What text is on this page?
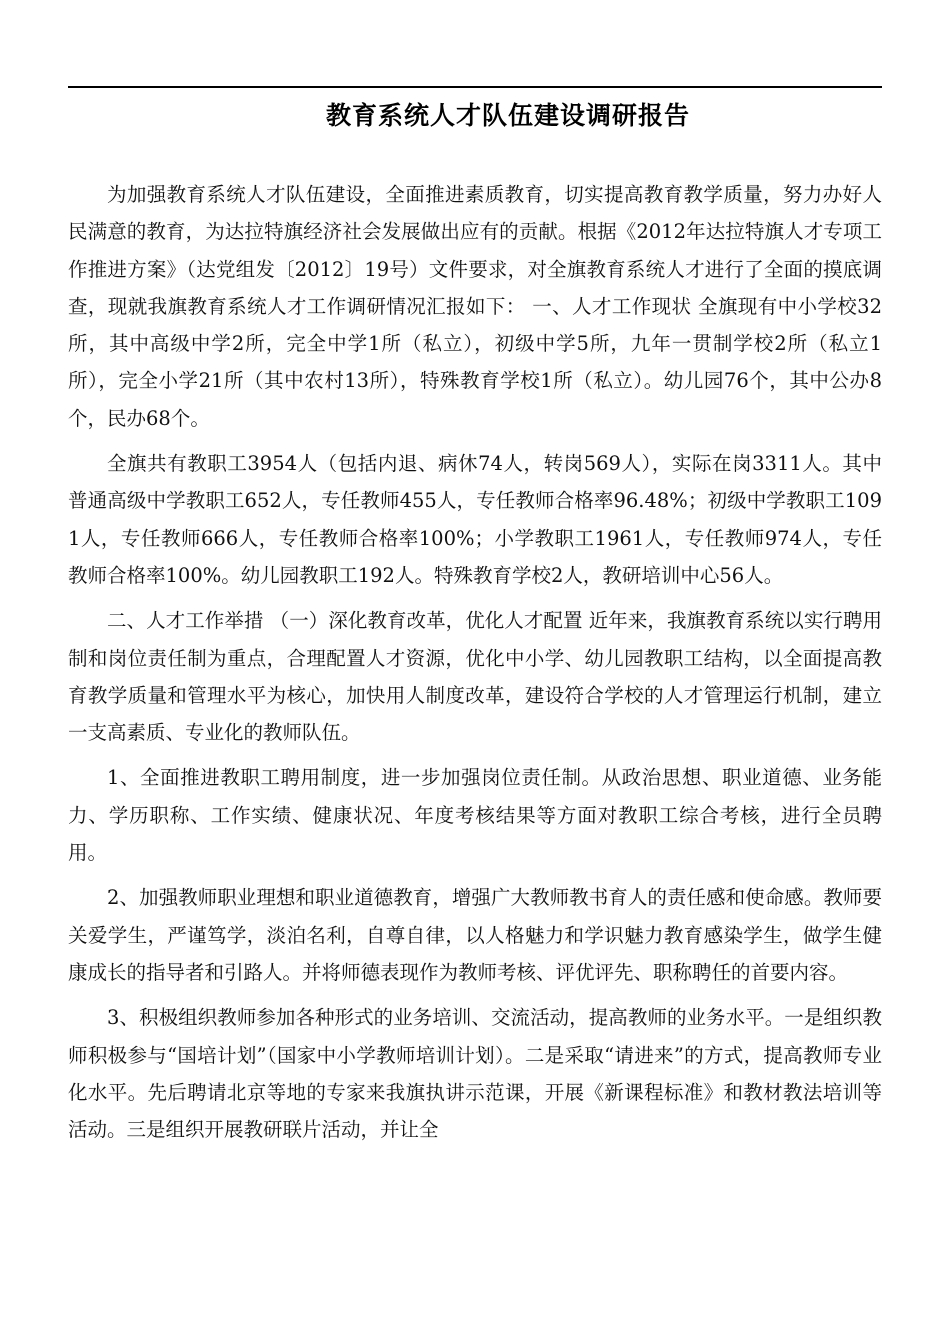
教育系统人才队伍建设调研报告

为加强教育系统人才队伍建设，全面推进素质教育，切实提高教育教学质量，努力办好人民满意的教育，为达拉特旗经济社会发展做出应有的贡献。根据《2012年达拉特旗人才专项工作推进方案》（达党组发〔2012〕19号）文件要求，对全旗教育系统人才进行了全面的摸底调查，现就我旗教育系统人才工作调研情况汇报如下： 一、人才工作现状 全旗现有中小学校32所，其中高级中学2所，完全中学1所（私立），初级中学5所，九年一贯制学校2所（私立1所），完全小学21所（其中农村13所），特殊教育学校1所（私立）。幼儿园76个，其中公办8个，民办68个。

全旗共有教职工3954人（包括内退、病休74人，转岗569人），实际在岗3311人。其中普通高级中学教职工652人，专任教师455人，专任教师合格率96.48%；初级中学教职工1091人，专任教师666人，专任教师合格率100%；小学教职工1961人，专任教师974人，专任教师合格率100%。幼儿园教职工192人。特殊教育学校2人，教研培训中心56人。

二、人才工作举措 （一）深化教育改革，优化人才配置 近年来，我旗教育系统以实行聘用制和岗位责任制为重点，合理配置人才资源，优化中小学、幼儿园教职工结构，以全面提高教育教学质量和管理水平为核心，加快用人制度改革，建设符合学校的人才管理运行机制，建立一支高素质、专业化的教师队伍。

1、全面推进教职工聘用制度，进一步加强岗位责任制。从政治思想、职业道德、业务能力、学历职称、工作实绩、健康状况、年度考核结果等方面对教职工综合考核，进行全员聘用。

2、加强教师职业理想和职业道德教育，增强广大教师教书育人的责任感和使命感。教师要关爱学生，严谨笃学，淡泊名利，自尊自律，以人格魅力和学识魅力教育感染学生，做学生健康成长的指导者和引路人。并将师德表现作为教师考核、评优评先、职称聘任的首要内容。

3、积极组织教师参加各种形式的业务培训、交流活动，提高教师的业务水平。一是组织教师积极参与“国培计划”（国家中小学教师培训计划）。二是采取“请进来”的方式，提高教师专业化水平。先后聘请北京等地的专家来我旗执讲示范课，开展《新课程标准》和教材教法培训等活动。三是组织开展教研联片活动，并让全
